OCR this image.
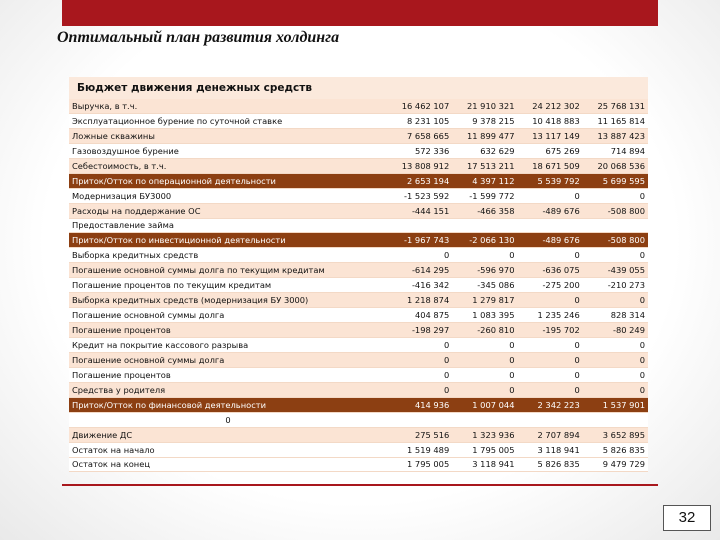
Оптимальный план развития холдинга
Бюджет движения денежных средств
Выручка, в т.ч.	16 462 107	21 910 321	24 212 302	25 768 131
Эксплуатационное бурение по суточной ставке	8 231 105	9 378 215	10 418 883	11 165 814
Ложные скважины	7 658 665	11 899 477	13 117 149	13 887 423
Газовоздушное бурение	572 336	632 629	675 269	714 894
Себестоимость, в т.ч.	13 808 912	17 513 211	18 671 509	20 068 536
Приток/Отток по операционной деятельности	2 653 194	4 397 112	5 539 792	5 699 595
Модернизация БУ3000	-1 523 592	-1 599 772	0	0
Расходы на поддержание ОС	-444 151	-466 358	-489 676	-508 800
Предоставление займа				
Приток/Отток по инвестиционной деятельности	-1 967 743	-2 066 130	-489 676	-508 800
Выборка кредитных средств	0	0	0	0
Погашение основной суммы долга по текущим кредитам	-614 295	-596 970	-636 075	-439 055
Погашение процентов по текущим кредитам	-416 342	-345 086	-275 200	-210 273
Выборка кредитных средств (модернизация БУ 3000)	1 218 874	1 279 817	0	0
Погашение основной суммы долга	404 875	1 083 395	1 235 246	828 314
Погашение процентов	-198 297	-260 810	-195 702	-80 249
Кредит на покрытие кассового разрыва	0	0	0	0
Погашение основной суммы долга	0	0	0	0
Погашение процентов	0	0	0	0
Средства у родителя	0	0	0	0
Приток/Отток по финансовой деятельности	414 936	1 007 044	2 342 223	1 537 901
0				
Движение ДС	275 516	1 323 936	2 707 894	3 652 895
Остаток на начало	1 519 489	1 795 005	3 118 941	5 826 835
Остаток на конец	1 795 005	3 118 941	5 826 835	9 479 729
32
